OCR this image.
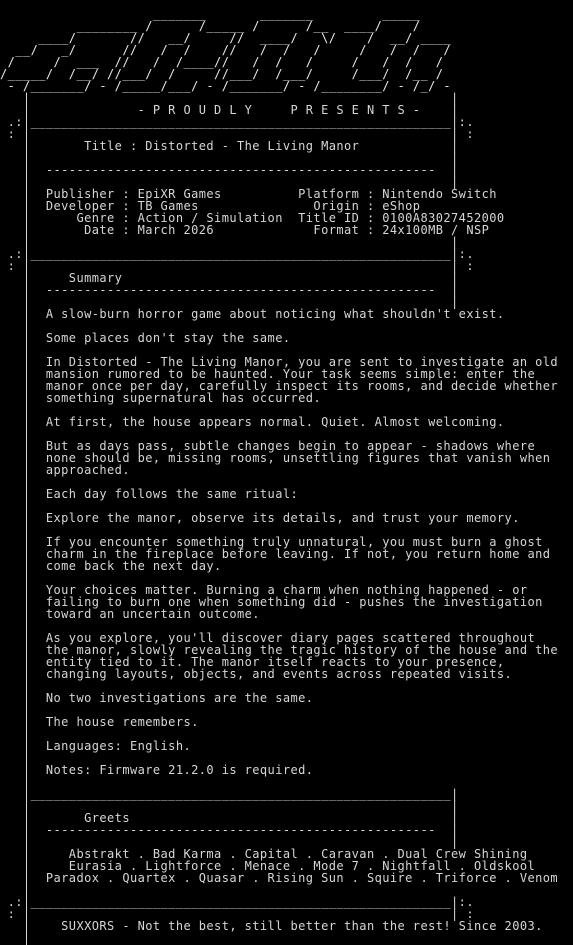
_______       _______         _____
________ /      /_____ /      /__  ____/    /
____/       //   __/     //  ____/   \/    /  __/ ____
__/   _/      //   /  /    //   /  /   /     /   /  /   /
/     /  ___  //   /  /____//   /  /   /     /   /  /   /
/_____/  /__/ //___/  /     //___/  /___/     /___/  /__ /
- /_______/ - /_____/___/ - /_______/ - /________/ - /_/ -
|                                                       |
|              - P R O U D L Y     P R E S E N T S -    |
.:|_______________________________________________________|:.
: |                                                       | :
|       Title : Distorted - The Living Manor            |
|                                                       |
|  ---------------------------------------------------  |
|                                                       |
|  Publisher : EpiXR Games          Platform : Nintendo Switch
|  Developer : TB Games               Origin : eShop
|      Genre : Action / Simulation  Title ID : 0100A83027452000
|       Date : March 2026             Format : 24x100MB / NSP
|                                                       |
.:|_______________________________________________________|:.
: |                                                       | :
|     Summary                                           |
|  ---------------------------------------------------  |
|                                                       |
|  A slow-burn horror game about noticing what shouldn't exist.
|
|  Some places don't stay the same.
|
|  In Distorted - The Living Manor, you are sent to investigate an old
|  mansion rumored to be haunted. Your task seems simple: enter the
|  manor once per day, carefully inspect its rooms, and decide whether
|  something supernatural has occurred.
|
|  At first, the house appears normal. Quiet. Almost welcoming.
|
|  But as days pass, subtle changes begin to appear - shadows where
|  none should be, missing rooms, unsettling figures that vanish when
|  approached.
|
|  Each day follows the same ritual:
|
|  Explore the manor, observe its details, and trust your memory.
|
|  If you encounter something truly unnatural, you must burn a ghost
|  charm in the fireplace before leaving. If not, you return home and
|  come back the next day.
|
|  Your choices matter. Burning a charm when nothing happened - or
|  failing to burn one when something did - pushes the investigation
|  toward an uncertain outcome.
|
|  As you explore, you'll discover diary pages scattered throughout
|  the manor, slowly revealing the tragic history of the house and the
|  entity tied to it. The manor itself reacts to your presence,
|  changing layouts, objects, and events across repeated visits.
|
|  No two investigations are the same.
|
|  The house remembers.
|
|  Languages: English.
|
|  Notes: Firmware 21.2.0 is required.
|
|_______________________________________________________|
|                                                       |
|       Greets                                          |
|  ---------------------------------------------------  |
|                                                       |
|     Abstrakt . Bad Karma . Capital . Caravan . Dual Crew Shining
|     Eurasia . Lightforce . Menace . Mode 7 . Nightfall . Oldskool
|  Paradox . Quartex . Quasar . Rising Sun . Squire . Triforce . Venom
|
.:|_______________________________________________________|:.
: |                                                       | :
|    SUXXORS - Not the best, still better than the rest! Since 2003.
|
